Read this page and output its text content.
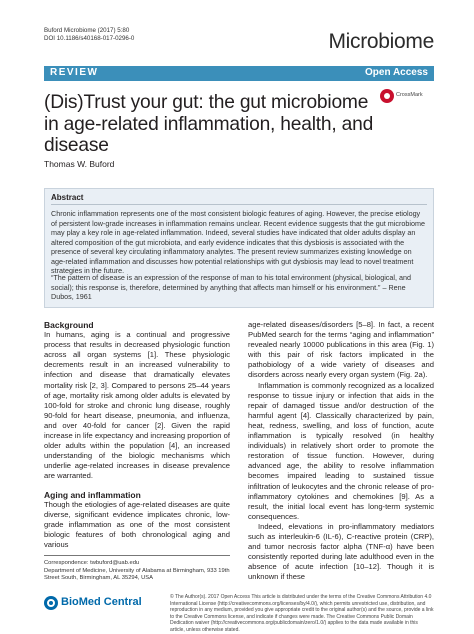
Buford Microbiome (2017) 5:80
DOI 10.1186/s40168-017-0296-0	Microbiome
REVIEW	Open Access
(Dis)Trust your gut: the gut microbiome in age-related inflammation, health, and disease
CrossMark
Thomas W. Buford
Abstract
Chronic inflammation represents one of the most consistent biologic features of aging. However, the precise etiology of persistent low-grade increases in inflammation remains unclear. Recent evidence suggests that the gut microbiome may play a key role in age-related inflammation. Indeed, several studies have indicated that older adults display an altered composition of the gut microbiota, and early evidence indicates that this dysbiosis is associated with the presence of several key circulating inflammatory analytes. The present review summarizes existing knowledge on age-related inflammation and discusses how potential relationships with gut dysbiosis may lead to novel treatment strategies in the future.
“The pattern of disease is an expression of the response of man to his total environment (physical, biological, and social); this response is, therefore, determined by anything that affects man himself or his environment.” – Rene Dubos, 1961

Background

In humans, aging is a continual and progressive process that results in decreased physiologic function across all organ systems [1]. These physiologic decrements result in an increased vulnerability to infection and disease that dramatically elevates mortality risk [2, 3]. Compared to persons 25–44 years of age, mortality risk among older adults is elevated by 100-fold for stroke and chronic lung disease, roughly 90-fold for heart disease, pneumonia, and influenza, and over 40-fold for cancer [2]. Given the rapid increase in life expectancy and increasing proportion of older adults within the population [4], an increased understanding of the biologic mechanisms which underlie age-related increases in disease prevalence are warranted.

Aging and inflammation

Though the etiologies of age-related diseases are quite diverse, significant evidence implicates chronic, low-grade inflammation as one of the most consistent biologic features of both chronological aging and various

age-related diseases/disorders [5–8]. In fact, a recent PubMed search for the terms “aging and inflammation” revealed nearly 10000 publications in this area (Fig. 1) with this pair of risk factors implicated in the pathobiology of a wide variety of diseases and disorders across nearly every organ system (Fig. 2a).

Inflammation is commonly recognized as a localized response to tissue injury or infection that aids in the repair of damaged tissue and/or destruction of the harmful agent [4]. Classically characterized by pain, heat, redness, swelling, and loss of function, acute inflammation is typically resolved (in healthy individuals) in relatively short order to promote the restoration of tissue function. However, during advanced age, the ability to resolve inflammation becomes impaired leading to sustained tissue infiltration of leukocytes and the chronic release of pro-inflammatory cytokines and chemokines [9]. As a result, the initial local event has long-term systemic consequences.

Indeed, elevations in pro-inflammatory mediators such as interleukin-6 (IL-6), C-reactive protein (CRP), and tumor necrosis factor alpha (TNF-α) have been consistently reported during late adulthood even in the absence of acute infection [10–12]. Though it is unknown if these

Correspondence: twbuford@uab.edu
Department of Medicine, University of Alabama at Birmingham, 933 19th Street South, Birmingham, AL 35294, USA
BioMed Central	© The Author(s). 2017 Open Access This article is distributed under the terms of the Creative Commons Attribution 4.0 International License (http://creativecommons.org/licenses/by/4.0/), which permits unrestricted use, distribution, and reproduction in any medium, provided you give appropriate credit to the original author(s) and the source, provide a link to the Creative Commons license, and indicate if changes were made. The Creative Commons Public Domain Dedication waiver (http://creativecommons.org/publicdomain/zero/1.0/) applies to the data made available in this article, unless otherwise stated.
